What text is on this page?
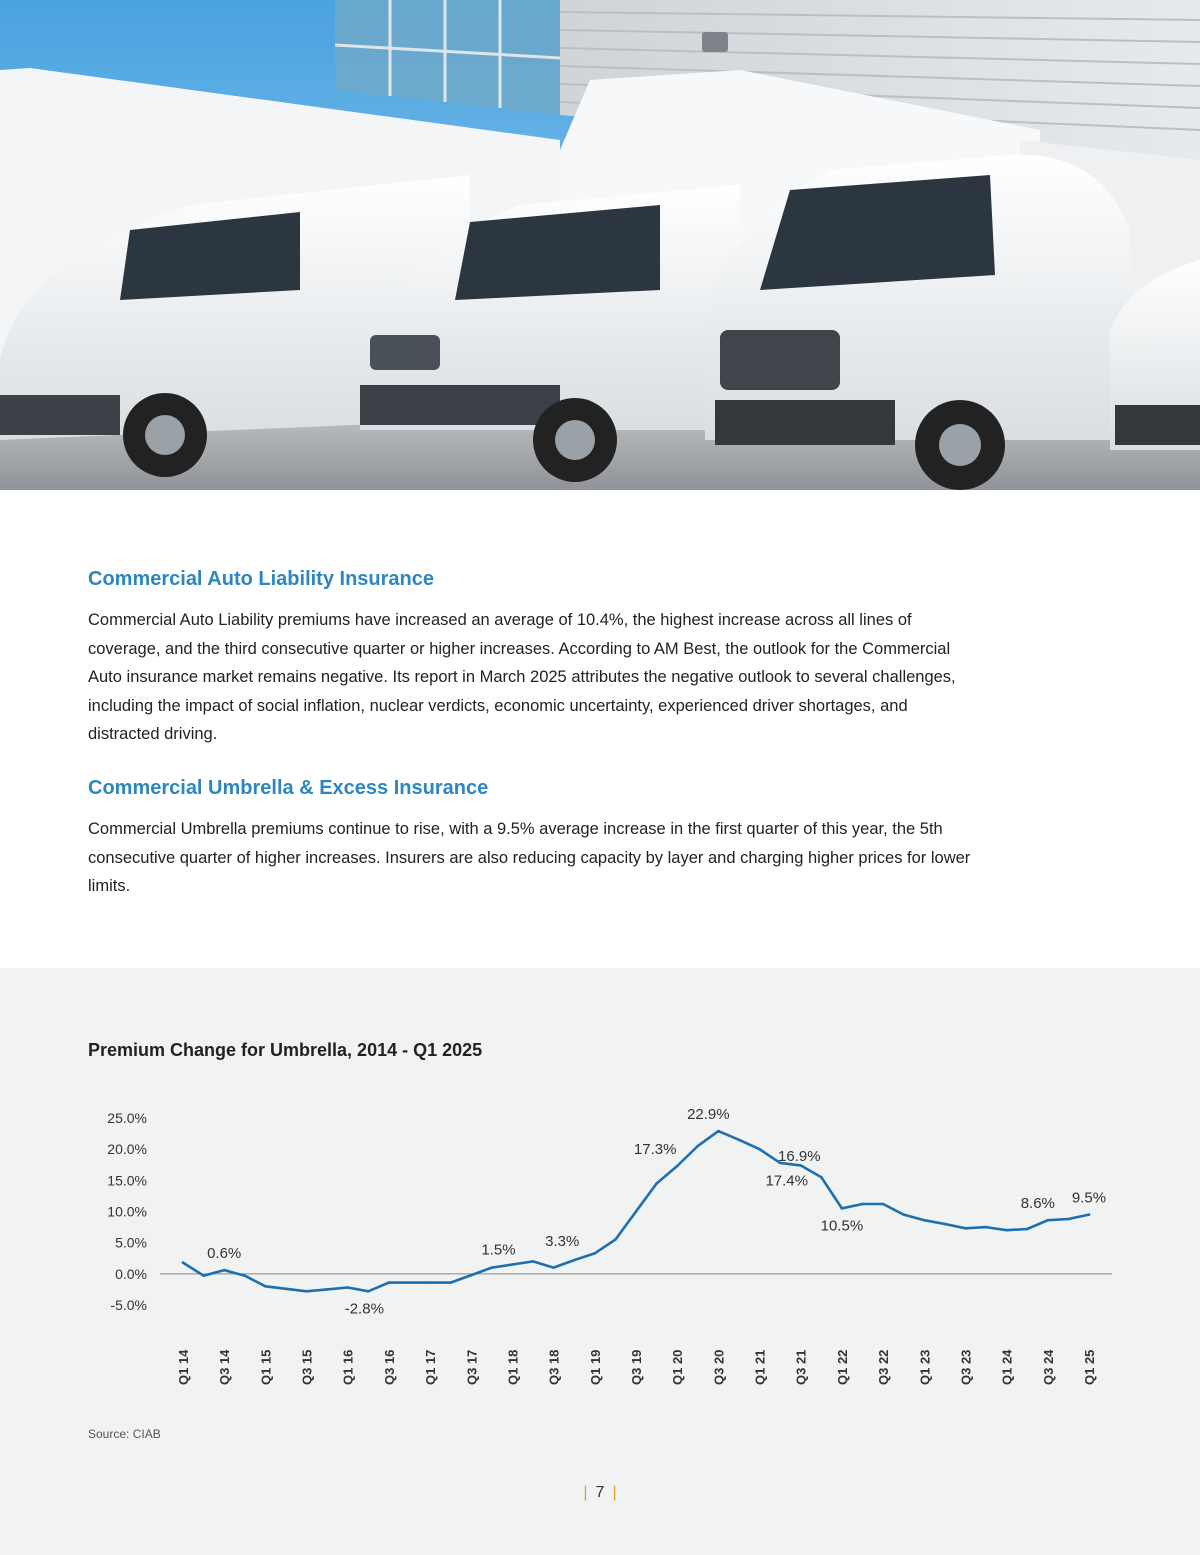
Commercial Auto Liability Insurance

Commercial Auto Liability premiums have increased an average of 10.4%, the highest increase across all lines of
coverage, and the third consecutive quarter or higher increases. According to AM Best, the outlook for the Commercial
Auto insurance market remains negative. Its report in March 2025 attributes the negative outlook to several challenges,
including the impact of social inflation, nuclear verdicts, economic uncertainty, experienced driver shortages, and
distracted driving.

Commercial Umbrella & Excess Insurance

Commercial Umbrella premiums continue to rise, with a 9.5% average increase in the first quarter of this year, the 5th
consecutive quarter of higher increases. Insurers are also reducing capacity by layer and charging higher prices for lower
limits.

Premium Change for Umbrella, 2014 - Q1 2025
25.0%
20.0%
15.0%
10.0%
5.0%
0.0%
-5.0%
0.6%
-2.8%
1.5% 3.3%
17.3%
22.9%
17.4%
16.9%
10.5%
8.6% 9.5%
Q1 14 Q3 14 Q1 15 Q3 15 Q1 16 Q3 16 Q1 17 Q3 17 Q1 18 Q3 18 Q1 19 Q3 19 Q1 20 Q3 20 Q1 21 Q3 21 Q1 22 Q3 22 Q1 23 Q3 23 Q1 24 Q3 24 Q1 25
Source: CIAB
| 7 |
